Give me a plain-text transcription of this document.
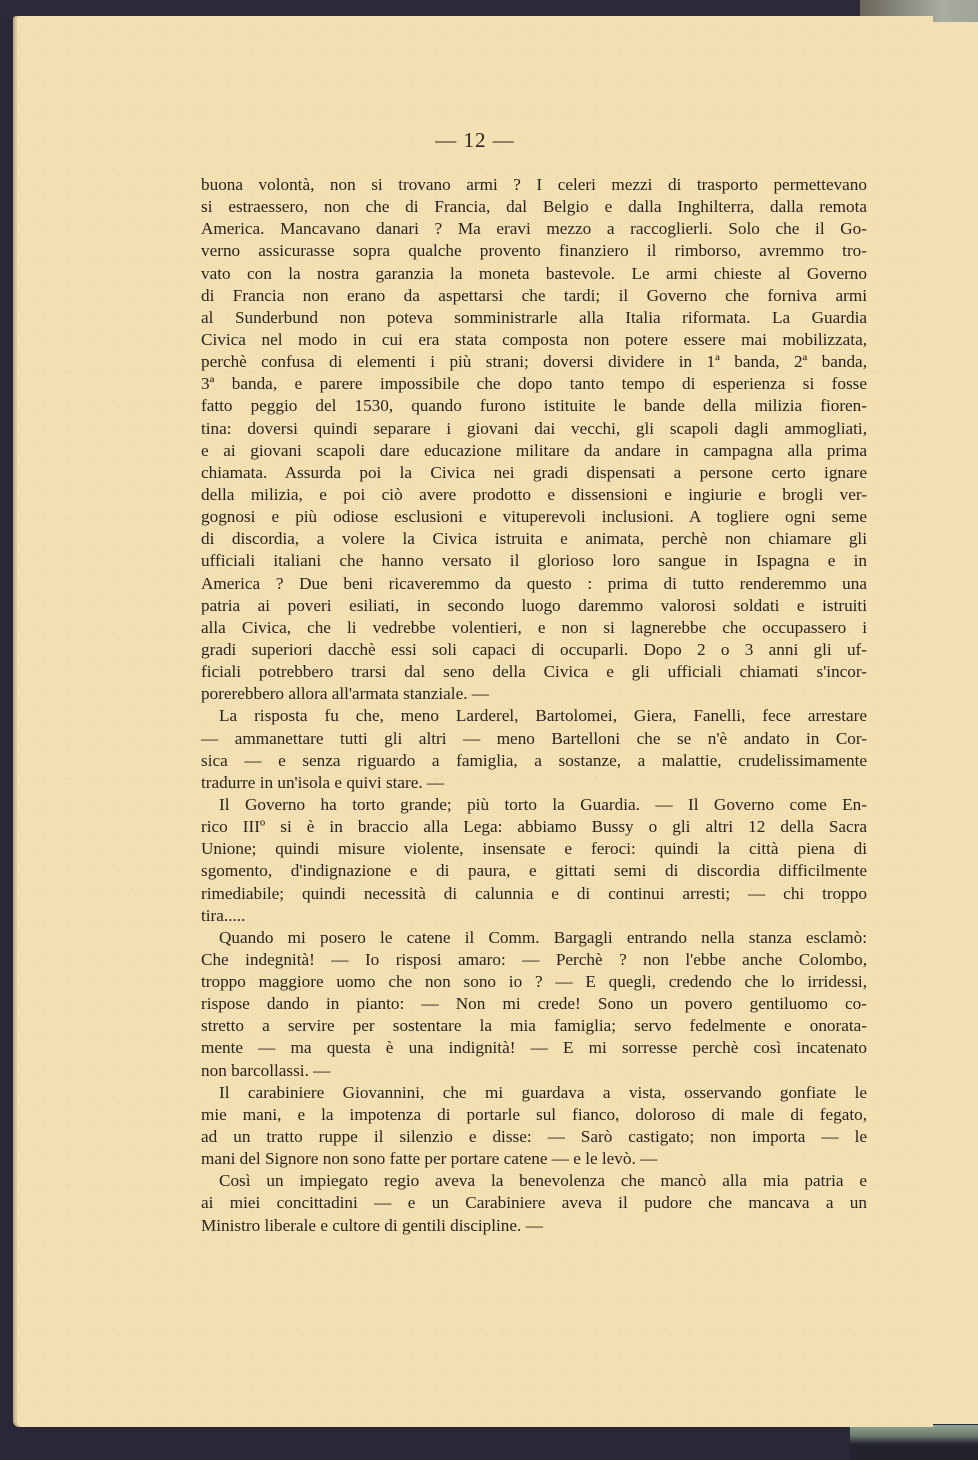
— 12 —
buona volontà, non si trovano armi ? I celeri mezzi di trasporto permettevano
si estraessero, non che di Francia, dal Belgio e dalla Inghilterra, dalla remota
America. Mancavano danari ? Ma eravi mezzo a raccoglierli. Solo che il Go-
verno assicurasse sopra qualche provento finanziero il rimborso, avremmo tro-
vato con la nostra garanzia la moneta bastevole. Le armi chieste al Governo
di Francia non erano da aspettarsi che tardi; il Governo che forniva armi
al Sunderbund non poteva somministrarle alla Italia riformata. La Guardia
Civica nel modo in cui era stata composta non potere essere mai mobilizzata,
perchè confusa di elementi i più strani; doversi dividere in 1ª banda, 2ª banda,
3ª banda, e parere impossibile che dopo tanto tempo di esperienza si fosse
fatto peggio del 1530, quando furono istituite le bande della milizia fioren-
tina: doversi quindi separare i giovani dai vecchi, gli scapoli dagli ammogliati,
e ai giovani scapoli dare educazione militare da andare in campagna alla prima
chiamata. Assurda poi la Civica nei gradi dispensati a persone certo ignare
della milizia, e poi ciò avere prodotto e dissensioni e ingiurie e brogli ver-
gognosi e più odiose esclusioni e vituperevoli inclusioni. A togliere ogni seme
di discordia, a volere la Civica istruita e animata, perchè non chiamare gli
ufficiali italiani che hanno versato il glorioso loro sangue in Ispagna e in
America ? Due beni ricaveremmo da questo : prima di tutto renderemmo una
patria ai poveri esiliati, in secondo luogo daremmo valorosi soldati e istruiti
alla Civica, che li vedrebbe volentieri, e non si lagnerebbe che occupassero i
gradi superiori dacchè essi soli capaci di occuparli. Dopo 2 o 3 anni gli uf-
ficiali potrebbero trarsi dal seno della Civica e gli ufficiali chiamati s'incor-
porerebbero allora all'armata stanziale. —
La risposta fu che, meno Larderel, Bartolomei, Giera, Fanelli, fece arrestare
— ammanettare tutti gli altri — meno Bartelloni che se n'è andato in Cor-
sica — e senza riguardo a famiglia, a sostanze, a malattie, crudelissimamente
tradurre in un'isola e quivi stare. —
Il Governo ha torto grande; più torto la Guardia. — Il Governo come En-
rico IIIº si è in braccio alla Lega: abbiamo Bussy o gli altri 12 della Sacra
Unione; quindi misure violente, insensate e feroci: quindi la città piena di
sgomento, d'indignazione e di paura, e gittati semi di discordia difficilmente
rimediabile; quindi necessità di calunnia e di continui arresti; — chi troppo
tira.....
Quando mi posero le catene il Comm. Bargagli entrando nella stanza esclamò:
Che indegnità! — Io risposi amaro: — Perchè ? non l'ebbe anche Colombo,
troppo maggiore uomo che non sono io ? — E quegli, credendo che lo irridessi,
rispose dando in pianto: — Non mi crede! Sono un povero gentiluomo co-
stretto a servire per sostentare la mia famiglia; servo fedelmente e onorata-
mente — ma questa è una indignità! — E mi sorresse perchè così incatenato
non barcollassi. —
Il carabiniere Giovannini, che mi guardava a vista, osservando gonfiate le
mie mani, e la impotenza di portarle sul fianco, doloroso di male di fegato,
ad un tratto ruppe il silenzio e disse: — Sarò castigato; non importa — le
mani del Signore non sono fatte per portare catene — e le levò. —
Così un impiegato regio aveva la benevolenza che mancò alla mia patria e
ai miei concittadini — e un Carabiniere aveva il pudore che mancava a un
Ministro liberale e cultore di gentili discipline. —
